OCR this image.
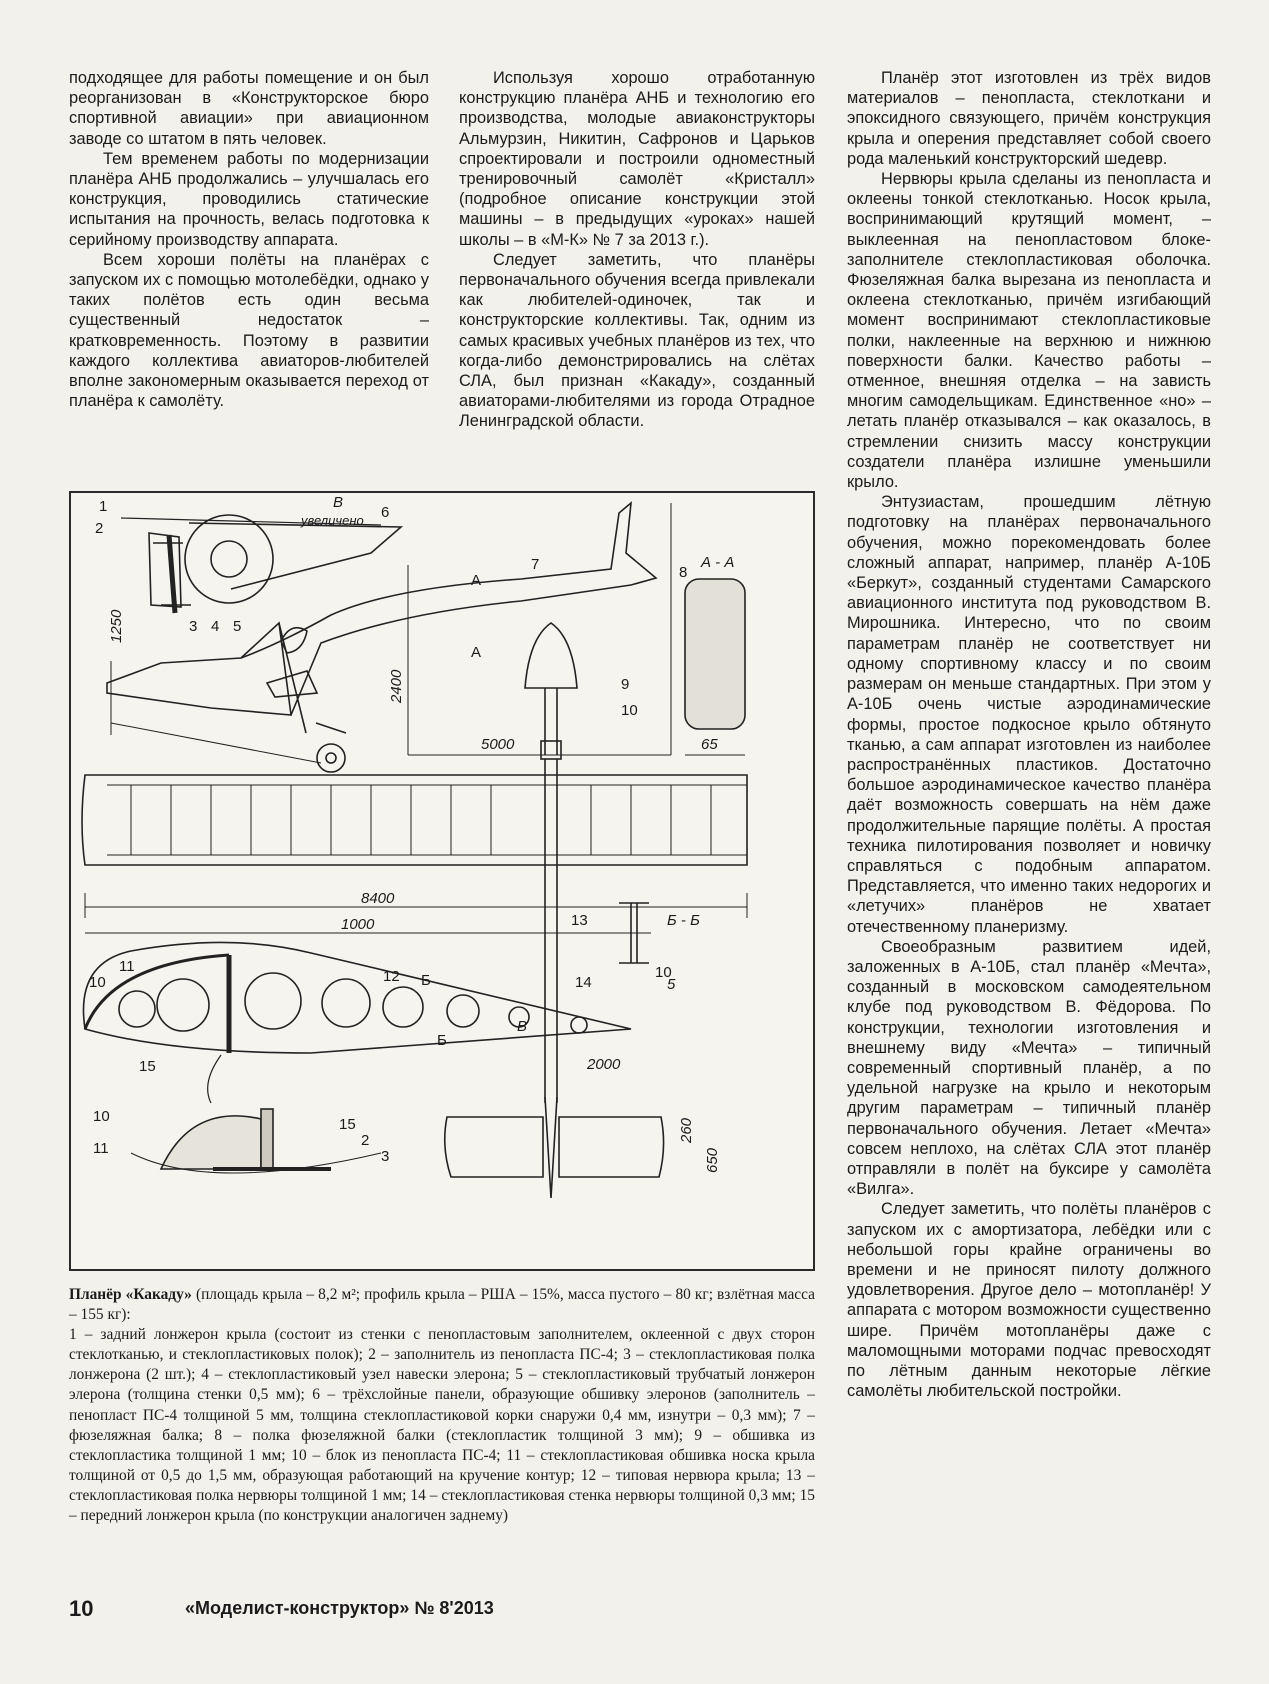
подходящее для работы помещение и он был реорганизован в «Конструкторское бюро спортивной авиации» при авиационном заводе со штатом в пять человек.

Тем временем работы по модернизации планёра АНБ продолжались – улучшалась его конструкция, проводились статические испытания на прочность, велась подготовка к серийному производству аппарата.

Всем хороши полёты на планёрах с запуском их с помощью мотолебёдки, однако у таких полётов есть один весьма существенный недостаток – кратковременность. Поэтому в развитии каждого коллектива авиаторов-любителей вполне закономерным оказывается переход от планёра к самолёту.

Используя хорошо отработанную конструкцию планёра АНБ и технологию его производства, молодые авиаконструкторы Альмурзин, Никитин, Сафронов и Царьков спроектировали и построили одноместный тренировочный самолёт «Кристалл» (подробное описание конструкции этой машины – в предыдущих «уроках» нашей школы – в «М-К» № 7 за 2013 г.).

Следует заметить, что планёры первоначального обучения всегда привлекали как любителей-одиночек, так и конструкторские коллективы. Так, одним из самых красивых учебных планёров из тех, что когда-либо демонстрировались на слётах СЛА, был признан «Какаду», созданный авиаторами-любителями из города Отрадное Ленинградской области.

Планёр этот изготовлен из трёх видов материалов – пенопласта, стеклоткани и эпоксидного связующего, причём конструкция крыла и оперения представляет собой своего рода маленький конструкторский шедевр.

Нервюры крыла сделаны из пенопласта и оклеены тонкой стеклотканью. Носок крыла, воспринимающий крутящий момент, – выклеенная на пенопластовом блоке-заполнителе стеклопластиковая оболочка. Фюзеляжная балка вырезана из пенопласта и оклеена стеклотканью, причём изгибающий момент воспринимают стеклопластиковые полки, наклеенные на верхнюю и нижнюю поверхности балки. Качество работы – отменное, внешняя отделка – на зависть многим самодельщикам. Единственное «но» – летать планёр отказывался – как оказалось, в стремлении снизить массу конструкции создатели планёра излишне уменьшили крыло.

Энтузиастам, прошедшим лётную подготовку на планёрах первоначального обучения, можно порекомендовать более сложный аппарат, например, планёр А-10Б «Беркут», созданный студентами Самарского авиационного института под руководством В. Мирошника. Интересно, что по своим параметрам планёр не соответствует ни одному спортивному классу и по своим размерам он меньше стандартных. При этом у А-10Б очень чистые аэродинамические формы, простое подкосное крыло обтянуто тканью, а сам аппарат изготовлен из наиболее распространённых пластиков. Достаточно большое аэродинамическое качество планёра даёт возможность совершать на нём даже продолжительные парящие полёты. А простая техника пилотирования позволяет и новичку справляться с подобным аппаратом. Представляется, что именно таких недорогих и «летучих» планёров не хватает отечественному планеризму.

Своеобразным развитием идей, заложенных в А-10Б, стал планёр «Мечта», созданный в московском самодеятельном клубе под руководством В. Фёдорова. По конструкции, технологии изготовления и внешнему виду «Мечта» – типичный современный спортивный планёр, а по удельной нагрузке на крыло и некоторым другим параметрам – типичный планёр первоначального обучения. Летает «Мечта» совсем неплохо, на слётах СЛА этот планёр отправляли в полёт на буксире у самолёта «Вилга».

Следует заметить, что полёты планёров с запуском их с амортизатора, лебёдки или с небольшой горы крайне ограничены во времени и не приносят пилоту должного удовлетворения. Другое дело – мотопланёр! У аппарата с мотором возможности существенно шире. Причём мотопланёры даже с маломощными моторами подчас превосходят по лётным данным некоторые лёгкие самолёты любительской постройки.

1
2
3 4 5
6
7	8
9
10
11
10	12
13
14
10
15
10
11
15
2
3
В
увеличено
А - А
А
А
Б - Б
Б
Б
В
1250
2400
5000	65
8400
1000
5
2000
260
650

Планёр «Какаду» (площадь крыла – 8,2 м²; профиль крыла – РША – 15%, масса пустого – 80 кг; взлётная масса – 155 кг):
1 – задний лонжерон крыла (состоит из стенки с пенопластовым заполнителем, оклеенной с двух сторон стеклотканью, и стеклопластиковых полок); 2 – заполнитель из пенопласта ПС-4; 3 – стеклопластиковая полка лонжерона (2 шт.); 4 – стеклопластиковый узел навески элерона; 5 – стеклопластиковый трубчатый лонжерон элерона (толщина стенки 0,5 мм); 6 – трёхслойные панели, образующие обшивку элеронов (заполнитель – пенопласт ПС-4 толщиной 5 мм, толщина стеклопластиковой корки снаружи 0,4 мм, изнутри – 0,3 мм); 7 – фюзеляжная балка; 8 – полка фюзеляжной балки (стеклопластик толщиной 3 мм); 9 – обшивка из стеклопластика толщиной 1 мм; 10 – блок из пенопласта ПС-4; 11 – стеклопластиковая обшивка носка крыла толщиной от 0,5 до 1,5 мм, образующая работающий на кручение контур; 12 – типовая нервюра крыла; 13 – стеклопластиковая полка нервюры толщиной 1 мм; 14 – стеклопластиковая стенка нервюры толщиной 0,3 мм; 15 – передний лонжерон крыла (по конструкции аналогичен заднему)

10	«Моделист-конструктор» № 8'2013
